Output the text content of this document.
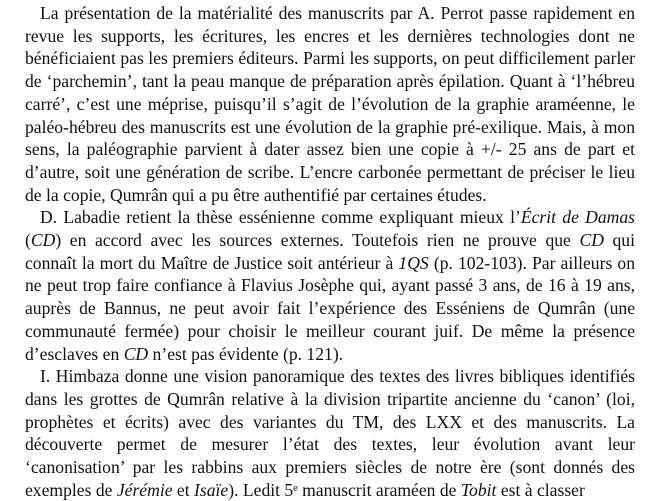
La présentation de la matérialité des manuscrits par A. Perrot passe rapidement en revue les supports, les écritures, les encres et les dernières technologies dont ne bénéficiaient pas les premiers éditeurs. Parmi les supports, on peut difficilement parler de ‘parchemin’, tant la peau manque de préparation après épilation. Quant à ‘l’hébreu carré’, c’est une méprise, puisqu’il s’agit de l’évolution de la graphie araméenne, le paléo-hébreu des manuscrits est une évolution de la graphie pré-exilique. Mais, à mon sens, la paléographie parvient à dater assez bien une copie à +/- 25 ans de part et d’autre, soit une génération de scribe. L’encre carbonée permettant de préciser le lieu de la copie, Qumrân qui a pu être authentifié par certaines études.

D. Labadie retient la thèse essénienne comme expliquant mieux l’Écrit de Damas (CD) en accord avec les sources externes. Toutefois rien ne prouve que CD qui connaît la mort du Maître de Justice soit antérieur à 1QS (p. 102-103). Par ailleurs on ne peut trop faire confiance à Flavius Josèphe qui, ayant passé 3 ans, de 16 à 19 ans, auprès de Bannus, ne peut avoir fait l’expérience des Esséniens de Qumrân (une communauté fermée) pour choisir le meilleur courant juif. De même la présence d’esclaves en CD n’est pas évidente (p. 121).

I. Himbaza donne une vision panoramique des textes des livres bibliques identifiés dans les grottes de Qumrân relative à la division tripartite ancienne du ‘canon’ (loi, prophètes et écrits) avec des variantes du TM, des LXX et des manuscrits. La découverte permet de mesurer l’état des textes, leur évolution avant leur ‘canonisation’ par les rabbins aux premiers siècles de notre ère (sont donnés des exemples de Jérémie et Isaïe). Ledit 5ᵉ manuscrit araméen de Tobit est à classer
